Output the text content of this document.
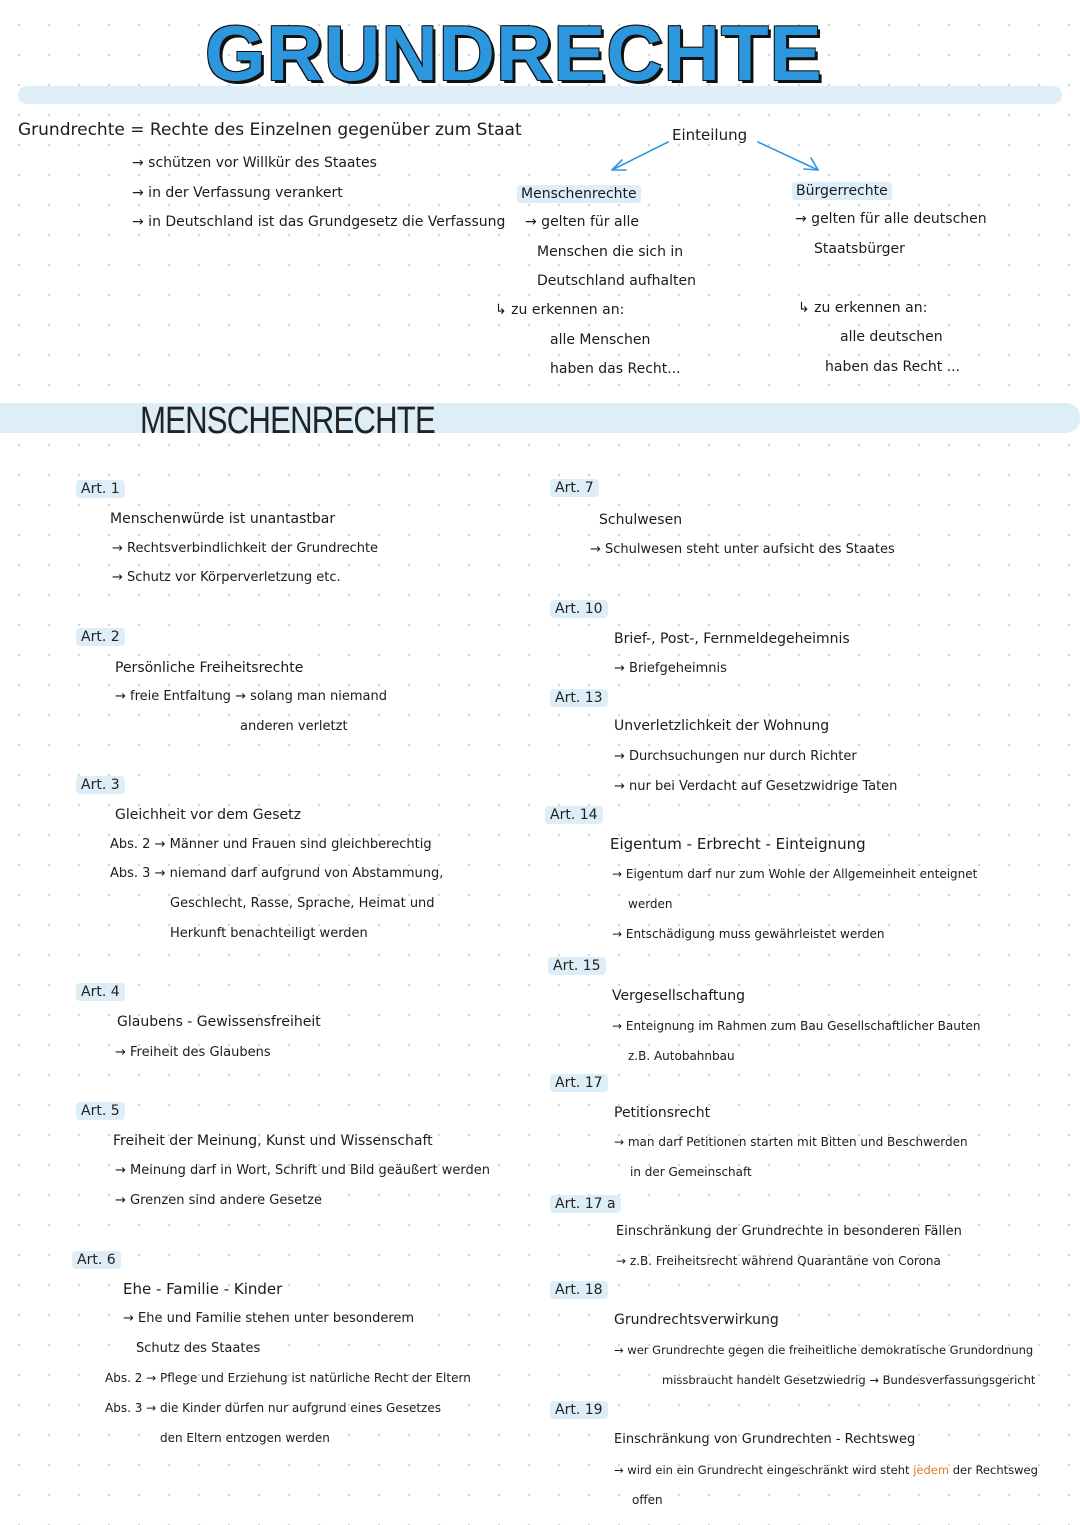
GRUNDRECHTE
Grundrechte = Rechte des Einzelnen gegenüber zum Staat
→ schützen vor Willkür des Staates
→ in der Verfassung verankert
→ in Deutschland ist das Grundgesetz die Verfassung
Einteilung
Menschenrechte
→ gelten für alle
Menschen die sich in
Deutschland aufhalten
↳ zu erkennen an:
alle Menschen
haben das Recht...
Bürgerrechte
→ gelten für alle deutschen
Staatsbürger
↳ zu erkennen an:
alle deutschen
haben das Recht ...
MENSCHENRECHTE
Art. 1
Menschenwürde ist unantastbar
→ Rechtsverbindlichkeit der Grundrechte
→ Schutz vor Körperverletzung etc.
Art. 2
Persönliche Freiheitsrechte
→ freie Entfaltung → solang man niemand
anderen verletzt
Art. 3
Gleichheit vor dem Gesetz
Abs. 2 → Männer und Frauen sind gleichberechtig
Abs. 3 → niemand darf aufgrund von Abstammung,
Geschlecht, Rasse, Sprache, Heimat und
Herkunft benachteiligt werden
Art. 4
Glaubens - Gewissensfreiheit
→ Freiheit des Glaubens
Art. 5
Freiheit der Meinung, Kunst und Wissenschaft
→ Meinung darf in Wort, Schrift und Bild geäußert werden
→ Grenzen sind andere Gesetze
Art. 6
Ehe - Familie - Kinder
→ Ehe und Familie stehen unter besonderem
Schutz des Staates
Abs. 2 → Pflege und Erziehung ist natürliche Recht der Eltern
Abs. 3 → die Kinder dürfen nur aufgrund eines Gesetzes
den Eltern entzogen werden
Art. 7
Schulwesen
→ Schulwesen steht unter aufsicht des Staates
Art. 10
Brief-, Post-, Fernmeldegeheimnis
→ Briefgeheimnis
Art. 13
Unverletzlichkeit der Wohnung
→ Durchsuchungen nur durch Richter
→ nur bei Verdacht auf Gesetzwidrige Taten
Art. 14
Eigentum - Erbrecht - Einteignung
→ Eigentum darf nur zum Wohle der Allgemeinheit enteignet
werden
→ Entschädigung muss gewährleistet werden
Art. 15
Vergesellschaftung
→ Enteignung im Rahmen zum Bau Gesellschaftlicher Bauten
z.B. Autobahnbau
Art. 17
Petitionsrecht
→ man darf Petitionen starten mit Bitten und Beschwerden
in der Gemeinschaft
Art. 17 a
Einschränkung der Grundrechte in besonderen Fällen
→ z.B. Freiheitsrecht während Quarantäne von Corona
Art. 18
Grundrechtsverwirkung
→ wer Grundrechte gegen die freiheitliche demokratische Grundordnung
missbraucht handelt Gesetzwiedrig → Bundesverfassungsgericht
Art. 19
Einschränkung von Grundrechten - Rechtsweg
→ wird ein ein Grundrecht eingeschränkt wird steht jedem der Rechtsweg
offen
